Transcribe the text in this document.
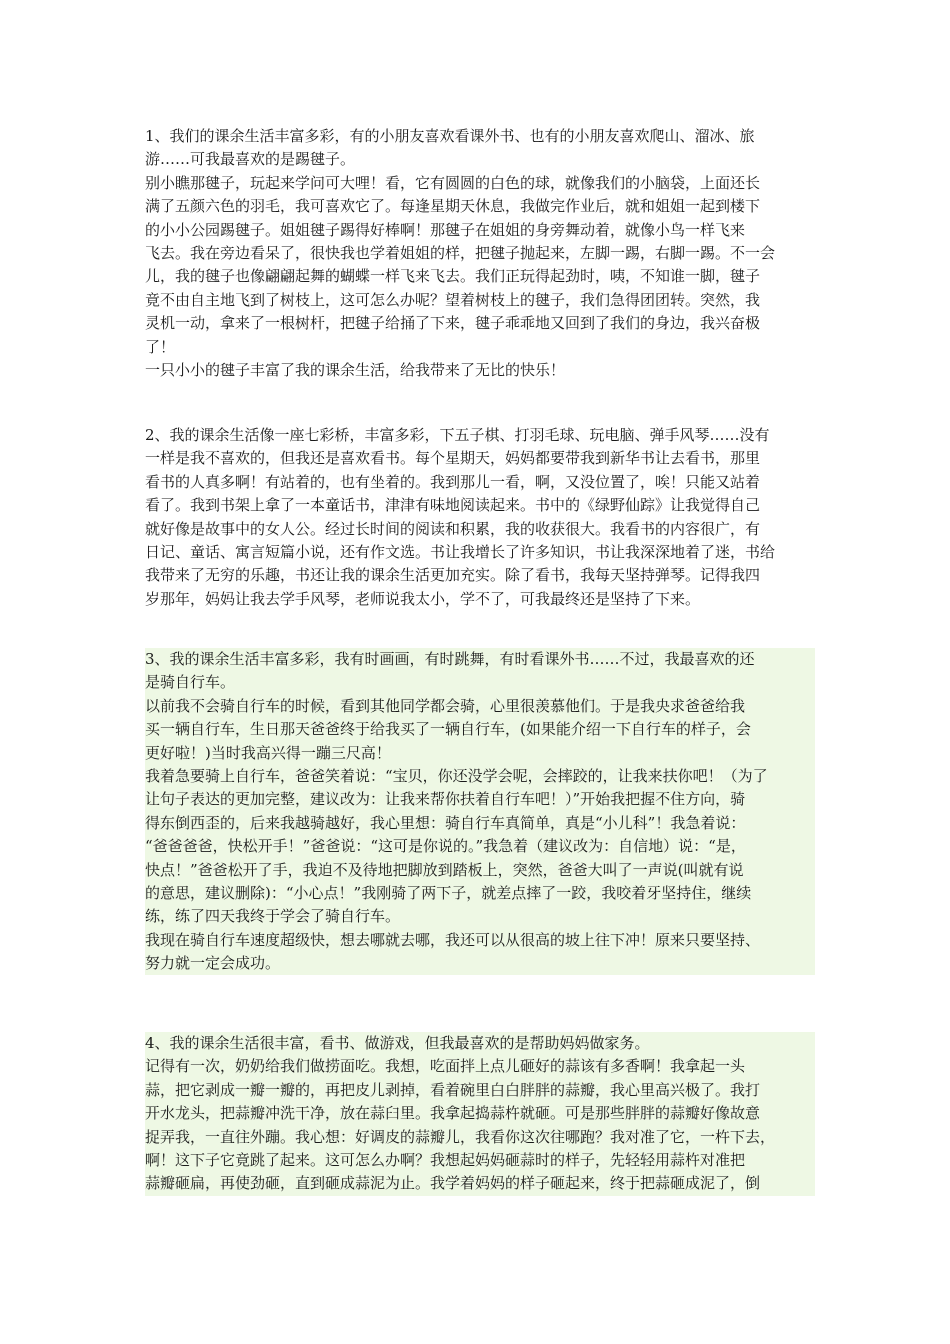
1、我们的课余生活丰富多彩，有的小朋友喜欢看课外书、也有的小朋友喜欢爬山、溜冰、旅
游……可我最喜欢的是踢毽子。
别小瞧那毽子，玩起来学问可大哩！看，它有圆圆的白色的球，就像我们的小脑袋，上面还长
满了五颜六色的羽毛，我可喜欢它了。每逢星期天休息，我做完作业后，就和姐姐一起到楼下
的小小公园踢毽子。姐姐毽子踢得好棒啊！那毽子在姐姐的身旁舞动着，就像小鸟一样飞来
飞去。我在旁边看呆了，很快我也学着姐姐的样，把毽子抛起来，左脚一踢，右脚一踢。不一会
儿，我的毽子也像翩翩起舞的蝴蝶一样飞来飞去。我们正玩得起劲时，咦，不知谁一脚，毽子
竟不由自主地飞到了树枝上，这可怎么办呢？望着树枝上的毽子，我们急得团团转。突然，我
灵机一动，拿来了一根树杆，把毽子给捅了下来，毽子乖乖地又回到了我们的身边，我兴奋极
了！
一只小小的毽子丰富了我的课余生活，给我带来了无比的快乐！
2、我的课余生活像一座七彩桥，丰富多彩，下五子棋、打羽毛球、玩电脑、弹手风琴……没有
一样是我不喜欢的，但我还是喜欢看书。每个星期天，妈妈都要带我到新华书让去看书，那里
看书的人真多啊！有站着的，也有坐着的。我到那儿一看，啊，又没位置了，唉！只能又站着
看了。我到书架上拿了一本童话书，津津有味地阅读起来。书中的《绿野仙踪》让我觉得自己
就好像是故事中的女人公。经过长时间的阅读和积累，我的收获很大。我看书的内容很广，有
日记、童话、寓言短篇小说，还有作文选。书让我增长了许多知识，书让我深深地着了迷，书给
我带来了无穷的乐趣，书还让我的课余生活更加充实。除了看书，我每天坚持弹琴。记得我四
岁那年，妈妈让我去学手风琴，老师说我太小，学不了，可我最终还是坚持了下来。
3、我的课余生活丰富多彩，我有时画画，有时跳舞，有时看课外书……不过，我最喜欢的还
是骑自行车。
以前我不会骑自行车的时候，看到其他同学都会骑，心里很羡慕他们。于是我央求爸爸给我
买一辆自行车，生日那天爸爸终于给我买了一辆自行车，(如果能介绍一下自行车的样子，会
更好啦！)当时我高兴得一蹦三尺高！
我着急要骑上自行车，爸爸笑着说：“宝贝，你还没学会呢，会摔跤的，让我来扶你吧！（为了
让句子表达的更加完整，建议改为：让我来帮你扶着自行车吧！）”开始我把握不住方向，骑
得东倒西歪的，后来我越骑越好，我心里想：骑自行车真简单，真是“小儿科”！我急着说：
“爸爸爸爸，快松开手！”爸爸说：“这可是你说的。”我急着（建议改为：自信地）说：“是，
快点！”爸爸松开了手，我迫不及待地把脚放到踏板上，突然，爸爸大叫了一声说(叫就有说
的意思，建议删除)：“小心点！”我刚骑了两下子，就差点摔了一跤，我咬着牙坚持住，继续
练，练了四天我终于学会了骑自行车。
我现在骑自行车速度超级快，想去哪就去哪，我还可以从很高的坡上往下冲！原来只要坚持、
努力就一定会成功。
4、我的课余生活很丰富，看书、做游戏，但我最喜欢的是帮助妈妈做家务。
记得有一次，奶奶给我们做捞面吃。我想，吃面拌上点儿砸好的蒜该有多香啊！我拿起一头
蒜，把它剥成一瓣一瓣的，再把皮儿剥掉，看着碗里白白胖胖的蒜瓣，我心里高兴极了。我打
开水龙头，把蒜瓣冲洗干净，放在蒜臼里。我拿起捣蒜杵就砸。可是那些胖胖的蒜瓣好像故意
捉弄我，一直往外蹦。我心想：好调皮的蒜瓣儿，我看你这次往哪跑？我对准了它，一杵下去，
啊！这下子它竟跳了起来。这可怎么办啊？我想起妈妈砸蒜时的样子，先轻轻用蒜杵对准把
蒜瓣砸扁，再使劲砸，直到砸成蒜泥为止。我学着妈妈的样子砸起来，终于把蒜砸成泥了，倒
